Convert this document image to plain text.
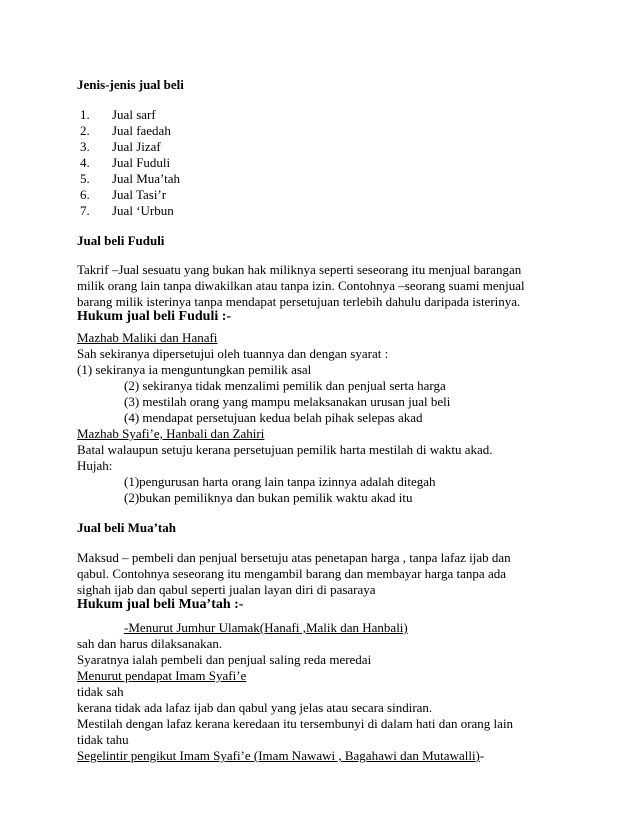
Jenis-jenis jual beli
1. Jual sarf
2. Jual faedah
3. Jual Jizaf
4. Jual Fuduli
5. Jual Mua’tah
6. Jual Tasi’r
7. Jual ‘Urbun
Jual beli Fuduli
Takrif –Jual sesuatu yang bukan hak miliknya seperti seseorang itu menjual barangan
milik orang lain tanpa diwakilkan atau tanpa izin. Contohnya –seorang suami menjual
barang milik isterinya tanpa mendapat persetujuan terlebih dahulu daripada isterinya.
Hukum jual beli Fuduli :-
Mazhab Maliki dan Hanafi
Sah sekiranya dipersetujui oleh tuannya dan dengan syarat :
(1) sekiranya ia menguntungkan pemilik asal
(2) sekiranya tidak menzalimi pemilik dan penjual serta harga
(3) mestilah orang yang mampu melaksanakan urusan jual beli
(4) mendapat persetujuan kedua belah pihak selepas akad
Mazhab Syafi’e, Hanbali dan Zahiri
Batal walaupun setuju kerana persetujuan pemilik harta mestilah di waktu akad.
Hujah:
(1)pengurusan harta orang lain tanpa izinnya adalah ditegah
(2)bukan pemiliknya dan bukan pemilik waktu akad itu
Jual beli Mua’tah
Maksud – pembeli dan penjual bersetuju atas penetapan harga , tanpa lafaz ijab dan
qabul. Contohnya seseorang itu mengambil barang dan membayar harga tanpa ada
sighah ijab dan qabul seperti jualan layan diri di pasaraya
Hukum jual beli Mua’tah :-
-Menurut Jumhur Ulamak(Hanafi ,Malik dan Hanbali)
sah dan harus dilaksanakan.
Syaratnya ialah pembeli dan penjual saling reda meredai
Menurut pendapat Imam Syafi’e
tidak sah
kerana tidak ada lafaz ijab dan qabul yang jelas atau secara sindiran.
Mestilah dengan lafaz kerana keredaan itu tersembunyi di dalam hati dan orang lain
tidak tahu
Segelintir pengikut Imam Syafi’e (Imam Nawawi , Bagahawi dan Mutawalli)-
